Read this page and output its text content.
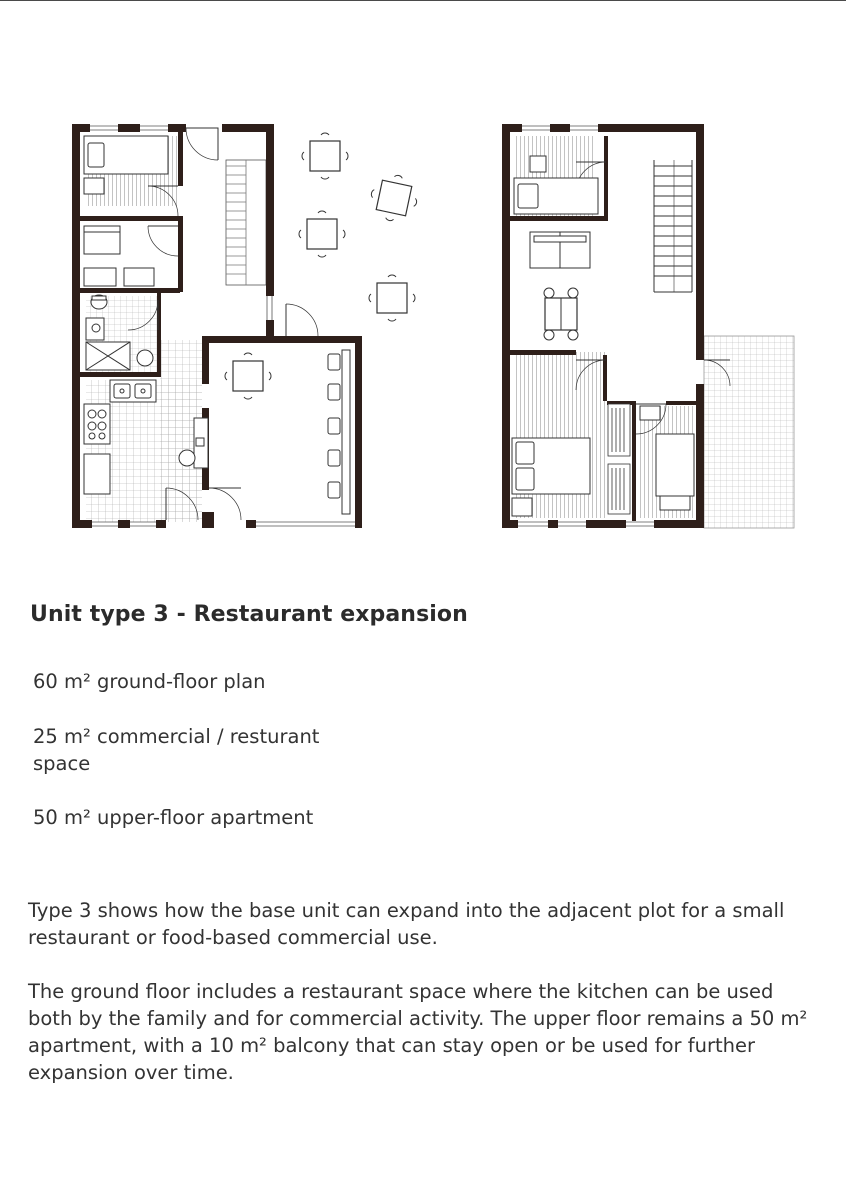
Unit type 3 - Restaurant expansion

60 m² ground-floor plan

25 m² commercial / resturant space

50 m² upper-floor apartment

Type 3 shows how the base unit can expand into the adjacent plot for a small restaurant or food-based commercial use.

The ground floor includes a restaurant space where the kitchen can be used both by the family and for commercial activity. The upper floor remains a 50 m² apartment, with a 10 m² balcony that can stay open or be used for further expansion over time.
